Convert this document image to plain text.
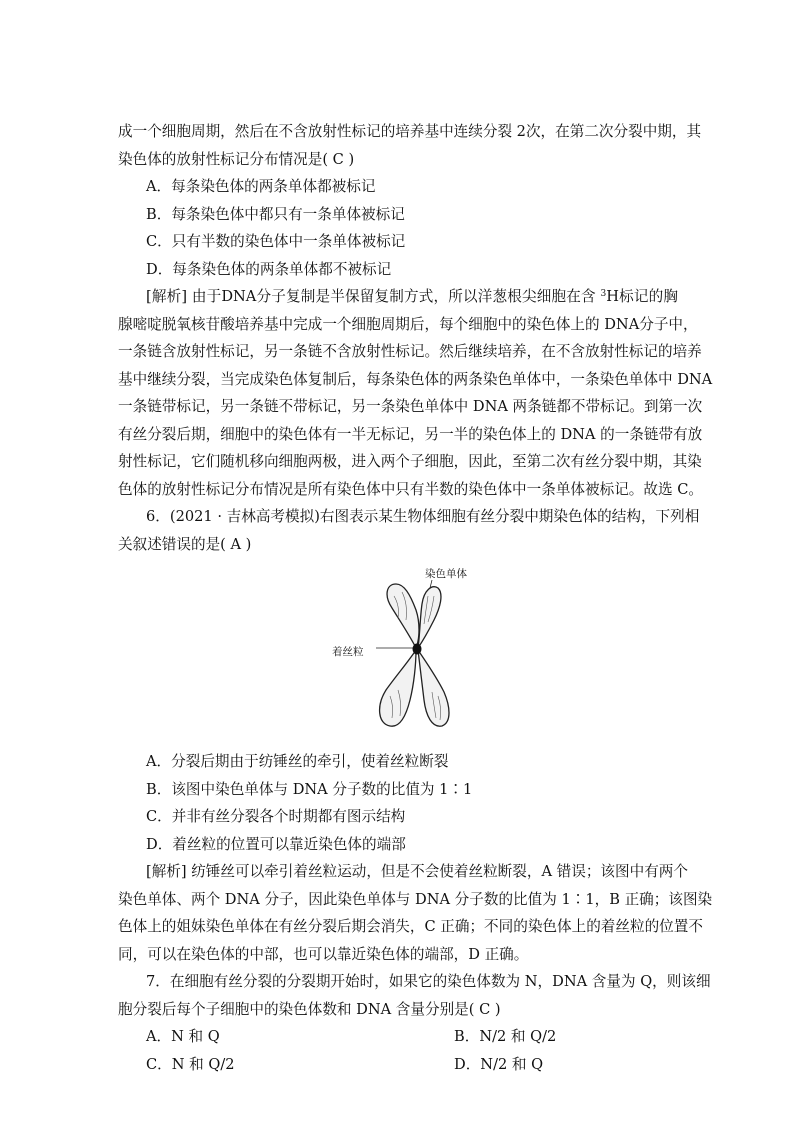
成一个细胞周期，然后在不含放射性标记的培养基中连续分裂 2次，在第二次分裂中期，其
染色体的放射性标记分布情况是( C )
A．每条染色体的两条单体都被标记
B．每条染色体中都只有一条单体被标记
C．只有半数的染色体中一条单体被标记
D．每条染色体的两条单体都不被标记
[解析] 由于DNA分子复制是半保留复制方式，所以洋葱根尖细胞在含 $^3$H标记的胸
腺嘧啶脱氧核苷酸培养基中完成一个细胞周期后，每个细胞中的染色体上的 DNA分子中，
一条链含放射性标记，另一条链不含放射性标记。然后继续培养，在不含放射性标记的培养
基中继续分裂，当完成染色体复制后，每条染色体的两条染色单体中，一条染色单体中 DNA
一条链带标记，另一条链不带标记，另一条染色单体中 DNA 两条链都不带标记。到第一次
有丝分裂后期，细胞中的染色体有一半无标记，另一半的染色体上的 DNA 的一条链带有放
射性标记，它们随机移向细胞两极，进入两个子细胞，因此，至第二次有丝分裂中期，其染
色体的放射性标记分布情况是所有染色体中只有半数的染色体中一条单体被标记。故选 C。
6．(2021 · 吉林高考模拟)右图表示某生物体细胞有丝分裂中期染色体的结构，下列相
关叙述错误的是( A )
染色单体
着丝粒
A．分裂后期由于纺锤丝的牵引，使着丝粒断裂
B．该图中染色单体与 DNA 分子数的比值为 1∶1
C．并非有丝分裂各个时期都有图示结构
D．着丝粒的位置可以靠近染色体的端部
[解析] 纺锤丝可以牵引着丝粒运动，但是不会使着丝粒断裂，A 错误；该图中有两个
染色单体、两个 DNA 分子，因此染色单体与 DNA 分子数的比值为 1∶1，B 正确；该图染
色体上的姐妹染色单体在有丝分裂后期会消失，C 正确；不同的染色体上的着丝粒的位置不
同，可以在染色体的中部，也可以靠近染色体的端部，D 正确。
7．在细胞有丝分裂的分裂期开始时，如果它的染色体数为 N，DNA 含量为 Q，则该细
胞分裂后每个子细胞中的染色体数和 DNA 含量分别是( C )
A．N 和 Q	B．N/2 和 Q/2
C．N 和 Q/2	D．N/2 和 Q
